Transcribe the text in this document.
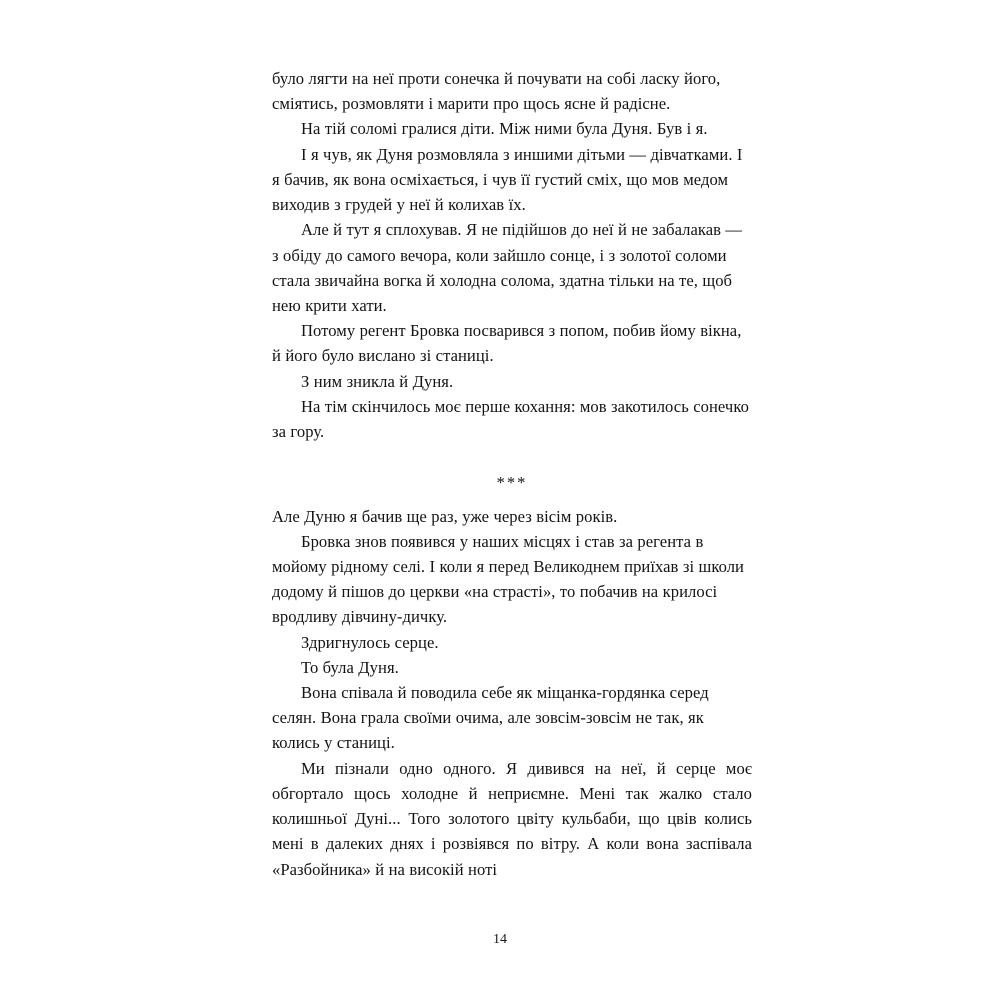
було лягти на неї проти сонечка й почувати на собі ласку його, сміятись, розмовляти і марити про щось ясне й радісне.

На тій соломі гралися діти. Між ними була Дуня. Був і я.

І я чув, як Дуня розмовляла з иншими дітьми — дівчатками. І я бачив, як вона осміхається, і чув її густий сміх, що мов медом виходив з грудей у неї й колихав їх.

Але й тут я сплохував. Я не підійшов до неї й не забалакав — з обіду до самого вечора, коли зайшло сонце, і з золотої соломи стала звичайна вогка й холодна солома, здатна тільки на те, щоб нею крити хати.

Потому регент Бровка посварився з попом, побив йому вікна, й його було вислано зі станиці.

З ним зникла й Дуня.

На тім скінчилось моє перше кохання: мов закотилось сонечко за гору.

***

Але Дуню я бачив ще раз, уже через вісім років.

Бровка знов появився у наших місцях і став за регента в мойому рідному селі. І коли я перед Великоднем приїхав зі школи додому й пішов до церкви «на страсті», то побачив на крилосі вродливу дівчину-дичку.

Здригнулось серце.

То була Дуня.

Вона співала й поводила себе як міщанка-гордянка серед селян. Вона грала своїми очима, але зовсім-зовсім не так, як колись у станиці.

Ми пізнали одно одного. Я дивився на неї, й серце моє обгортало щось холодне й неприємне. Мені так жалко стало колишньої Дуні... Того золотого цвіту кульбаби, що цвів колись мені в далеких днях і розвіявся по вітру. А коли вона заспівала «Разбойника» й на високій ноті

14
